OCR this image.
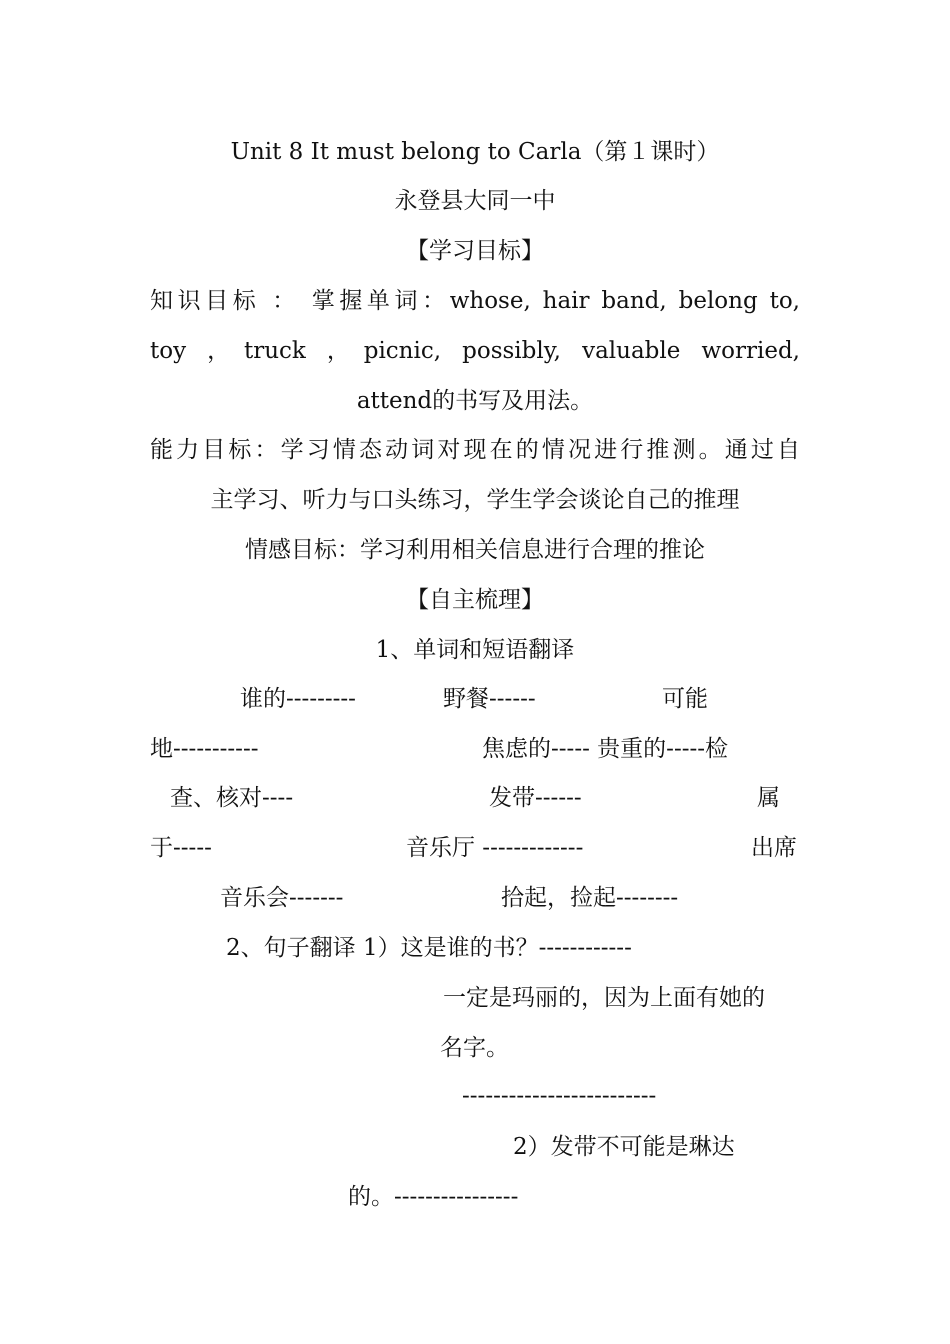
Unit 8 It must belong to Carla（第１课时）
永登县大同一中
【学习目标】
知识目标 ： 掌握单词：whose, hair band, belong to,
toy ，truck ，picnic, possibly, valuable worried,
attend的书写及用法。
能力目标：学习情态动词对现在的情况进行推测。通过自
主学习、听力与口头练习，学生学会谈论自己的推理
情感目标：学习利用相关信息进行合理的推论
【自主梳理】
1、单词和短语翻译
谁的---------	野餐------	可能
地-----------	焦虑的----- 贵重的-----检
查、核对----	发带------	属
于-----	音乐厅 -------------	出席
音乐会-------	拾起，捡起--------
2、句子翻译 1）这是谁的书？------------
一定是玛丽的，因为上面有她的
名字。
-------------------------
2）发带不可能是琳达
的。----------------
